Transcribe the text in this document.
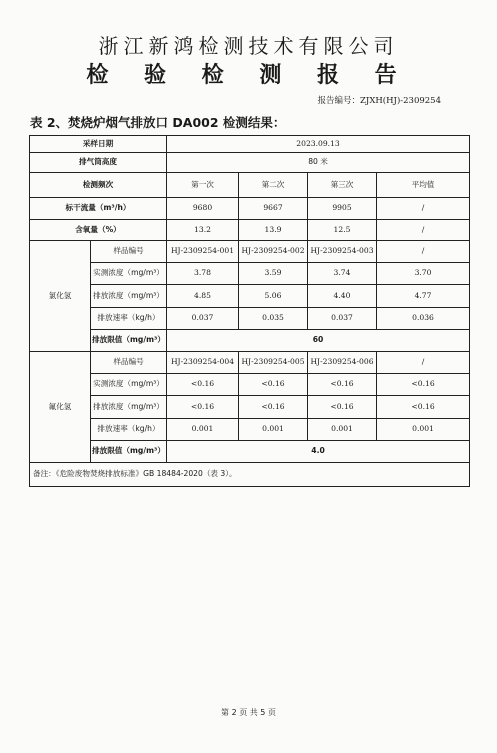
浙江新鸿检测技术有限公司
检 验 检 测 报 告
报告编号：ZJXH(HJ)-2309254
表 2、焚烧炉烟气排放口 DA002 检测结果：
采样日期		2023.09.13			
排气筒高度		80 米			
检测频次		第一次	第二次	第三次	平均值
标干流量（m³/h）		9680	9667	9905	/
含氧量（%）		13.2	13.9	12.5	/
氯化氢	样品编号	HJ-2309254-001	HJ-2309254-002	HJ-2309254-003	/
	实测浓度（mg/m³）	3.78	3.59	3.74	3.70
	排放浓度（mg/m³）	4.85	5.06	4.40	4.77
	排放速率（kg/h）	0.037	0.035	0.037	0.036
	排放限值（mg/m³）	60			
氟化氢	样品编号	HJ-2309254-004	HJ-2309254-005	HJ-2309254-006	/
	实测浓度（mg/m³）	<0.16	<0.16	<0.16	<0.16
	排放浓度（mg/m³）	<0.16	<0.16	<0.16	<0.16
	排放速率（kg/h）	0.001	0.001	0.001	0.001
	排放限值（mg/m³）	4.0			
备注：《危险废物焚烧排放标准》GB 18484-2020（表 3）。					
第 2 页 共 5 页
